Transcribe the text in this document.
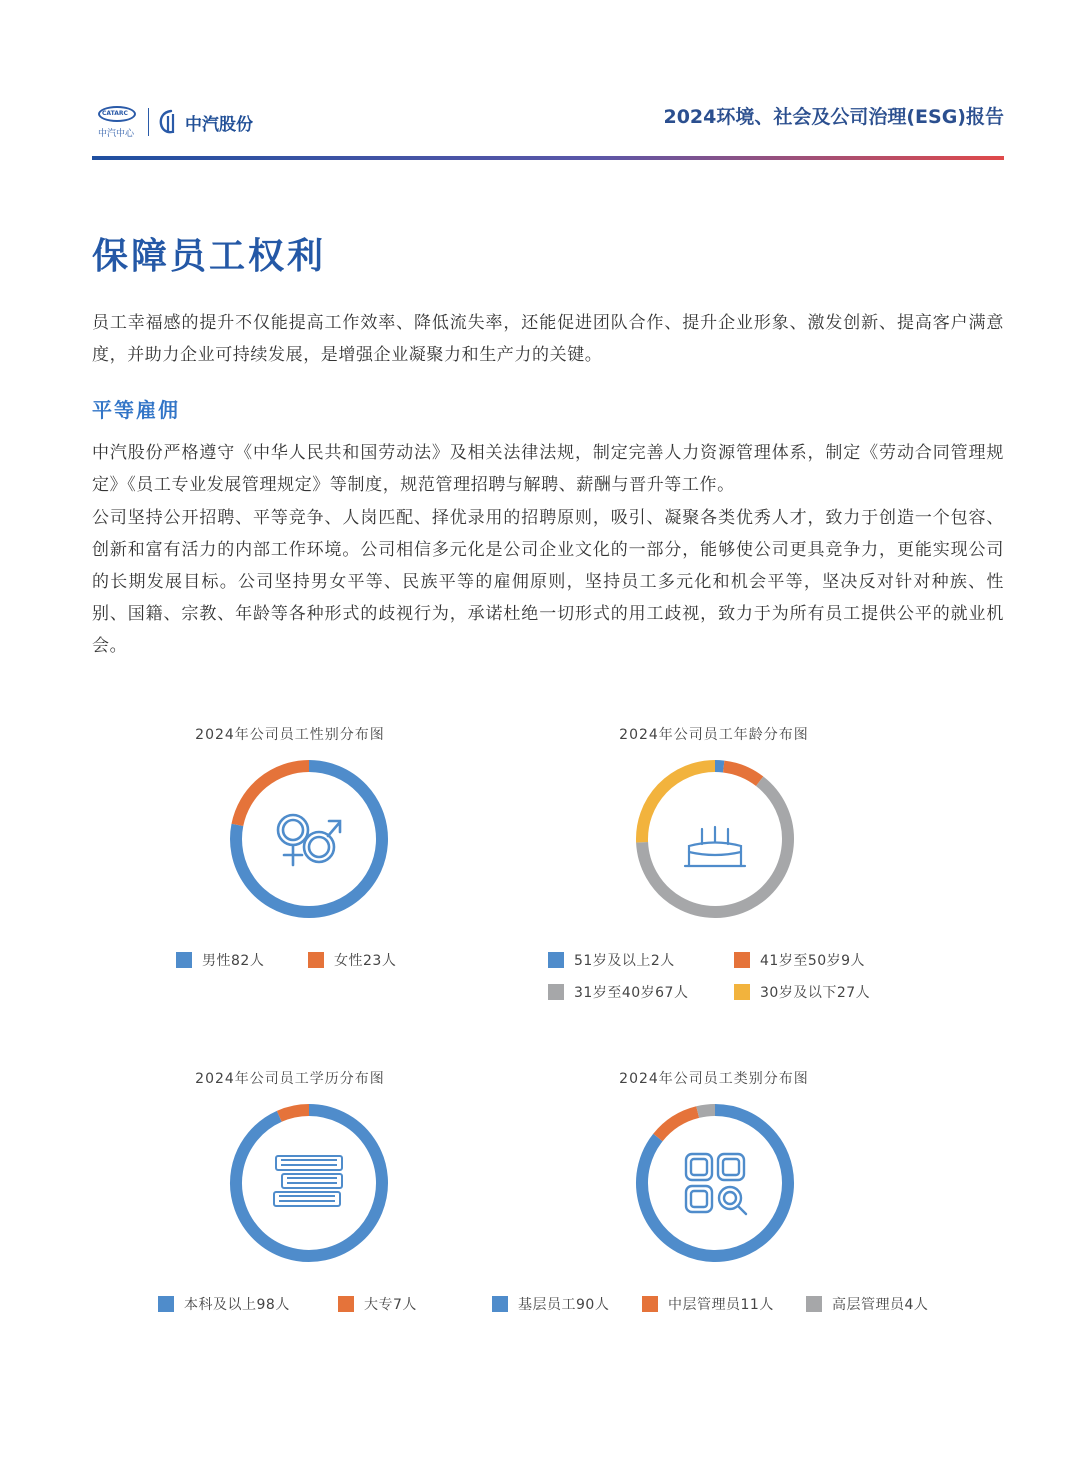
CATARC
中汽中心	中汽股份	2024环境、社会及公司治理(ESG)报告
保障员工权利

员工幸福感的提升不仅能提高工作效率、降低流失率，还能促进团队合作、提升企业形象、激发创新、提高客户满意度，并助力企业可持续发展，是增强企业凝聚力和生产力的关键。

平等雇佣

中汽股份严格遵守《中华人民共和国劳动法》及相关法律法规，制定完善人力资源管理体系，制定《劳动合同管理规定》《员工专业发展管理规定》等制度，规范管理招聘与解聘、薪酬与晋升等工作。

公司坚持公开招聘、平等竞争、人岗匹配、择优录用的招聘原则，吸引、凝聚各类优秀人才，致力于创造一个包容、创新和富有活力的内部工作环境。公司相信多元化是公司企业文化的一部分，能够使公司更具竞争力，更能实现公司的长期发展目标。公司坚持男女平等、民族平等的雇佣原则，坚持员工多元化和机会平等，坚决反对针对种族、性别、国籍、宗教、年龄等各种形式的歧视行为，承诺杜绝一切形式的用工歧视，致力于为所有员工提供公平的就业机会。

2024年公司员工性别分布图
男性82人	女性23人
2024年公司员工年龄分布图
51岁及以上2人	41岁至50岁9人
31岁至40岁67人	30岁及以下27人
2024年公司员工学历分布图
本科及以上98人	大专7人
2024年公司员工类别分布图
基层员工90人	中层管理员11人	高层管理员4人
